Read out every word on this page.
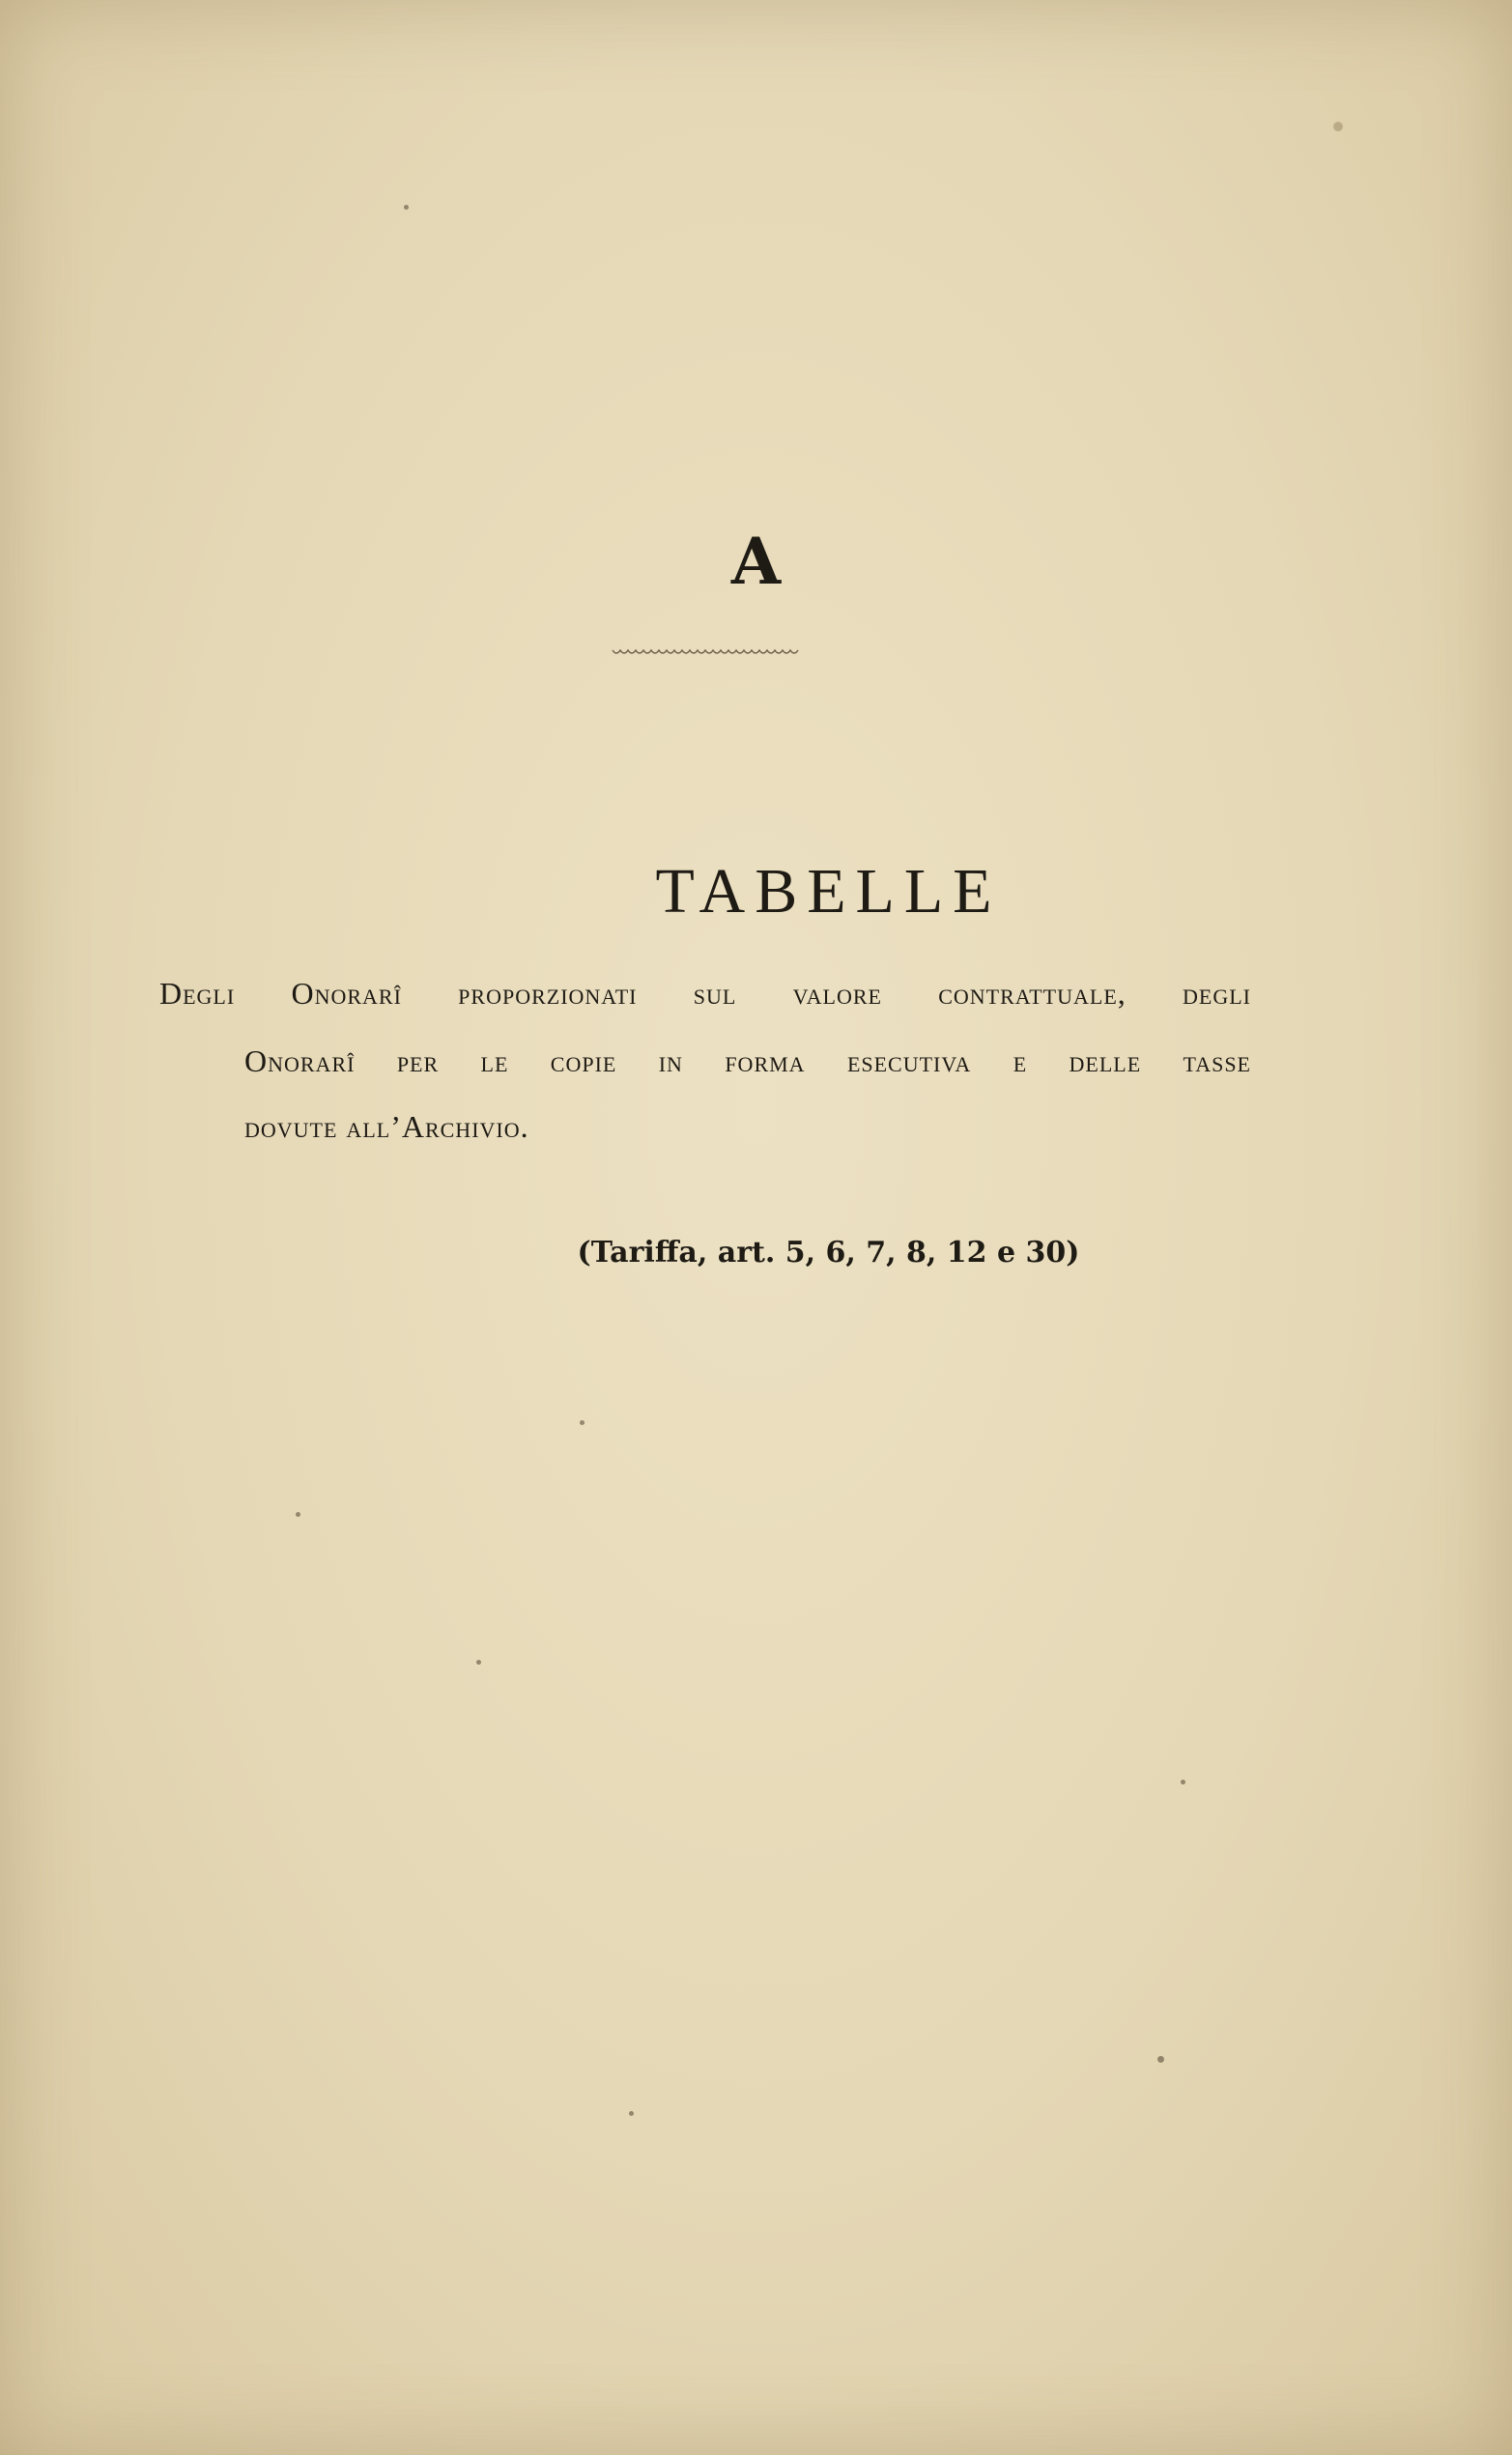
A
TABELLE
Degli Onorarî proporzionati sul valore contrattuale, degli
Onorarî per le copie in forma esecutiva e delle tasse
dovute all’Archivio.
(Tariffa, art. 5, 6, 7, 8, 12 e 30)
